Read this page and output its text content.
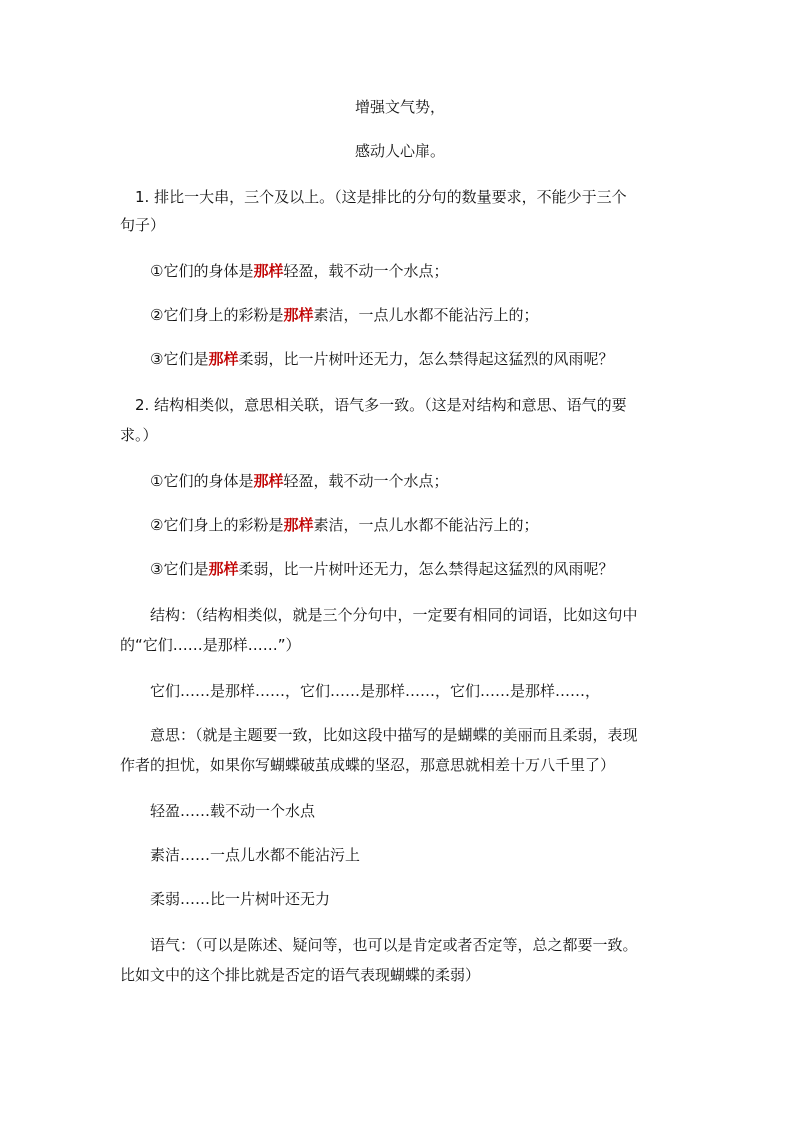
增强文气势，
感动人心扉。
1. 排比一大串，三个及以上。（这是排比的分句的数量要求，不能少于三个
句子）
①它们的身体是那样轻盈，载不动一个水点；
②它们身上的彩粉是那样素洁，一点儿水都不能沾污上的；
③它们是那样柔弱，比一片树叶还无力，怎么禁得起这猛烈的风雨呢？
2. 结构相类似，意思相关联，语气多一致。（这是对结构和意思、语气的要
求。）
①它们的身体是那样轻盈，载不动一个水点；
②它们身上的彩粉是那样素洁，一点儿水都不能沾污上的；
③它们是那样柔弱，比一片树叶还无力，怎么禁得起这猛烈的风雨呢？
结构：（结构相类似，就是三个分句中，一定要有相同的词语，比如这句中
的“它们……是那样……”）
它们……是那样……，它们……是那样……，它们……是那样……，
意思：（就是主题要一致，比如这段中描写的是蝴蝶的美丽而且柔弱，表现
作者的担忧，如果你写蝴蝶破茧成蝶的坚忍，那意思就相差十万八千里了）
轻盈……载不动一个水点
素洁……一点儿水都不能沾污上
柔弱……比一片树叶还无力
语气：（可以是陈述、疑问等，也可以是肯定或者否定等，总之都要一致。
比如文中的这个排比就是否定的语气表现蝴蝶的柔弱）
